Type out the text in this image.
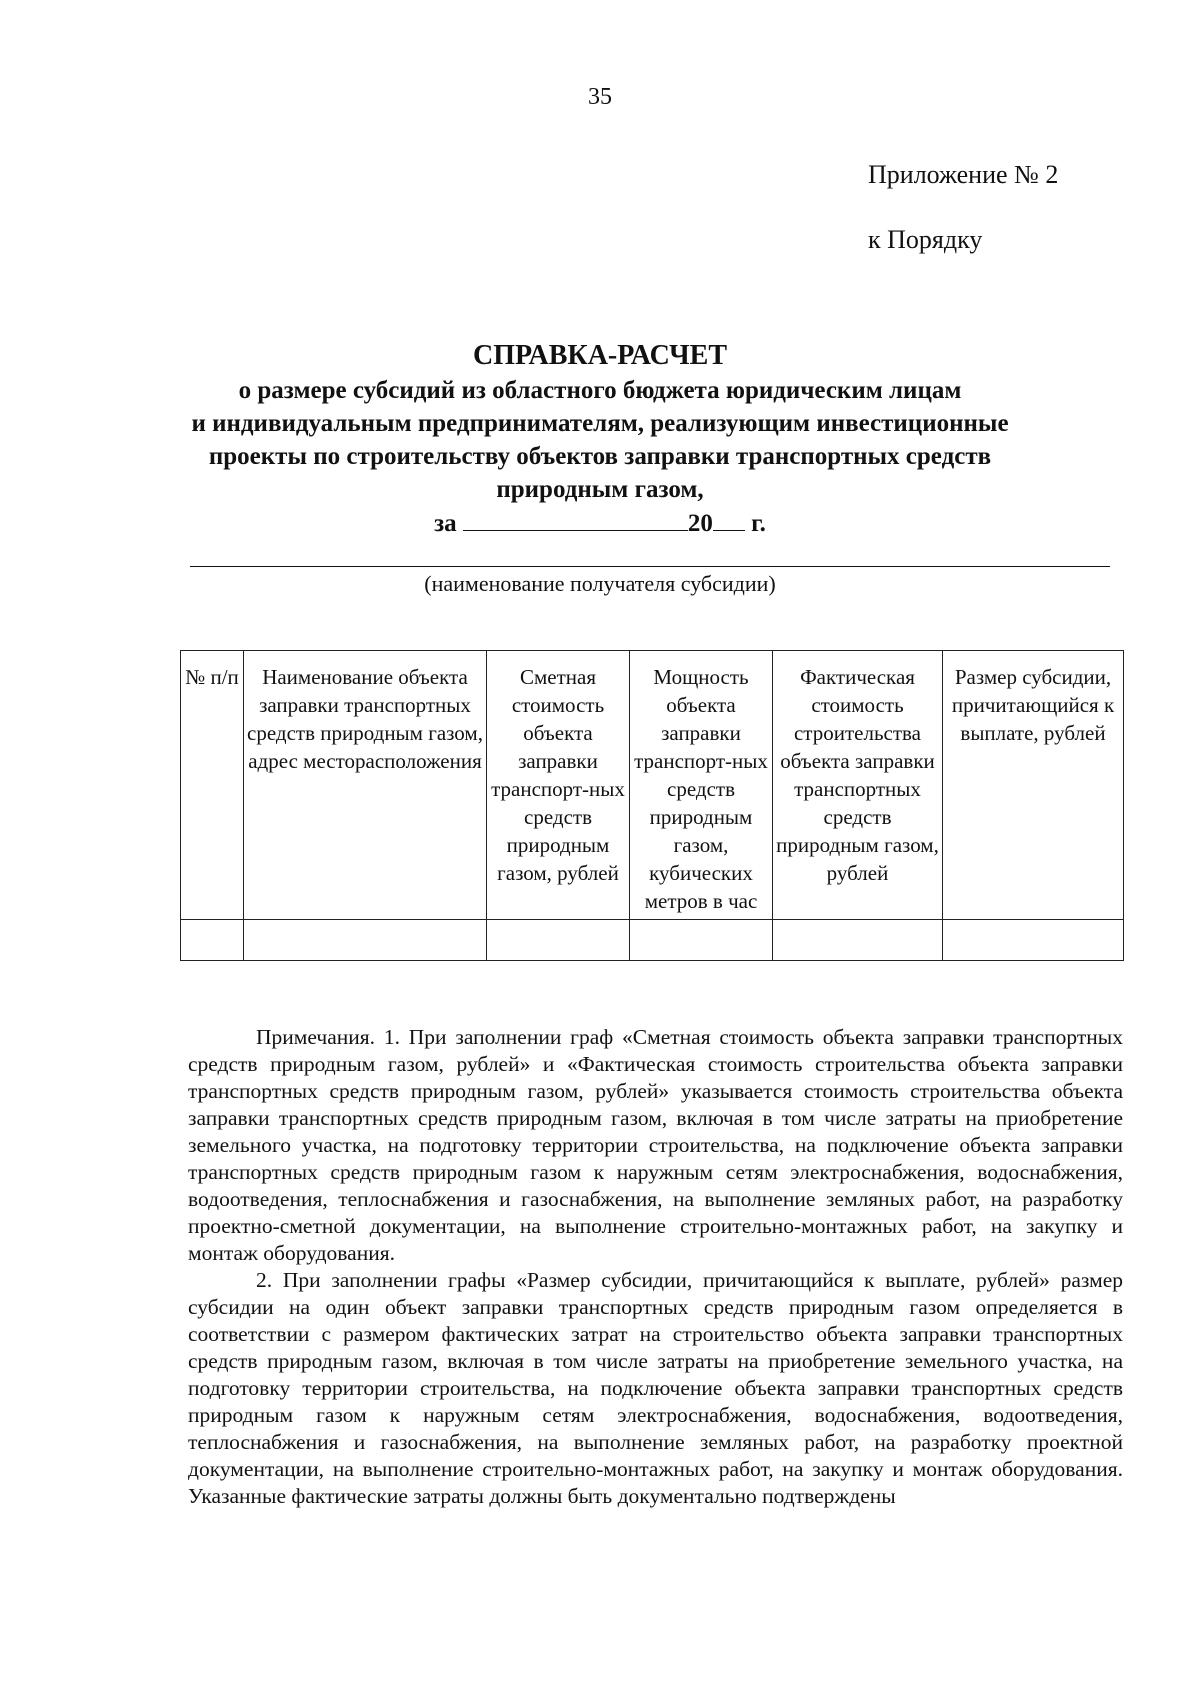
35
Приложение № 2
к Порядку
СПРАВКА-РАСЧЕТ
о размере субсидий из областного бюджета юридическим лицам
и индивидуальным предпринимателям, реализующим инвестиционные
проекты по строительству объектов заправки транспортных средств
природным газом,
за	20 г.
(наименование получателя субсидии)
№ п/п	Наименование объекта заправки транспортных средств природным газом, адрес месторасположения	Сметная стоимость объекта заправки транспорт-ных средств природным газом, рублей	Мощность объекта заправки транспорт-ных средств природным газом, кубических метров в час	Фактическая стоимость строительства объекта заправки транспортных средств природным газом, рублей	Размер субсидии, причитающийся к выплате, рублей

Примечания. 1. При заполнении граф «Сметная стоимость объекта заправки транспортных средств природным газом, рублей» и «Фактическая стоимость строительства объекта заправки транспортных средств природным газом, рублей» указывается стоимость строительства объекта заправки транспортных средств природным газом, включая в том числе затраты на приобретение земельного участка, на подготовку территории строительства, на подключение объекта заправки транспортных средств природным газом к наружным сетям электроснабжения, водоснабжения, водоотведения, теплоснабжения и газоснабжения, на выполнение земляных работ, на разработку проектно-сметной документации, на выполнение строительно-монтажных работ, на закупку и монтаж оборудования.

2. При заполнении графы «Размер субсидии, причитающийся к выплате, рублей» размер субсидии на один объект заправки транспортных средств природным газом определяется в соответствии с размером фактических затрат на строительство объекта заправки транспортных средств природным газом, включая в том числе затраты на приобретение земельного участка, на подготовку территории строительства, на подключение объекта заправки транспортных средств природным газом к наружным сетям электроснабжения, водоснабжения, водоотведения, теплоснабжения и газоснабжения, на выполнение земляных работ, на разработку проектной документации, на выполнение строительно-монтажных работ, на закупку и монтаж оборудования. Указанные фактические затраты должны быть документально подтверждены
